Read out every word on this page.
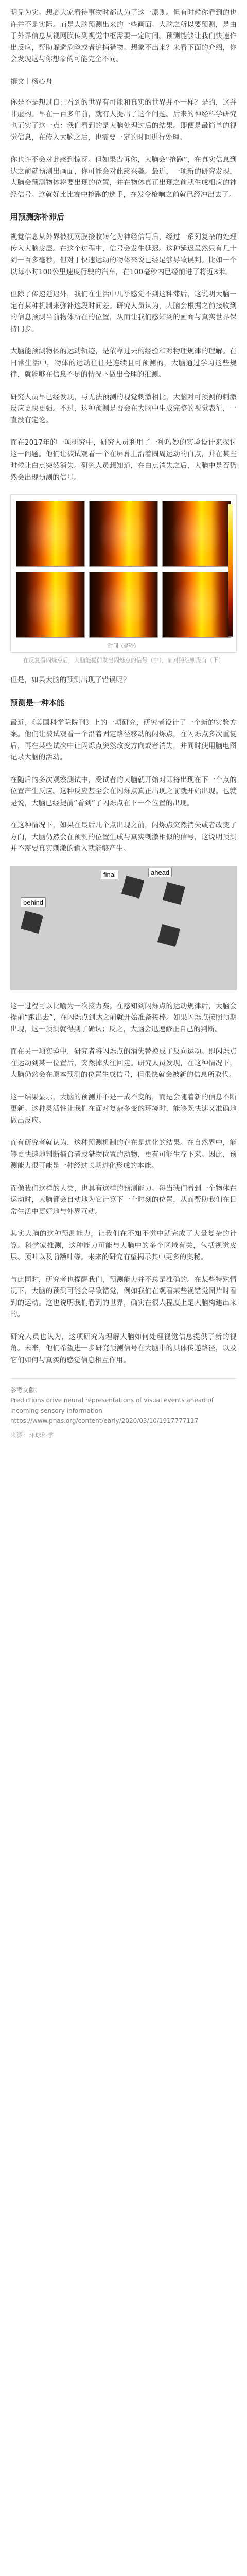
明见为实。想必大家看待事物时都认为了这一原则。但有时候你看到的也许并不是实际。而是大脑预测出来的一些画面。大脑之所以要预测，是由于外界信息从视网膜传到视觉中枢需要一定时间。预测能够让我们快速作出反应，帮助躲避危险或者追捕猎物。想象不出来？来看下面的介绍，你会发现这与你想象的可能完全不同。

撰文丨杨心舟

你是不是想过自己看到的世界有可能和真实的世界并不一样？是的，这并非虚构。早在一百多年前，就有人提出了这个问题。后来的神经科学研究也证实了这一点：我们看到的是大脑处理过后的结果。即便是最简单的视觉信息，在传入大脑之后，也需要一定的时间进行处理。

你也许不会对此感到惊讶。但如果告诉你，大脑会“抢跑”，在真实信息到达之前就预测出画面，你可能会对此感兴趣。最近，一项新的研究发现，大脑会预测物体将要出现的位置，并在物体真正出现之前就生成相应的神经信号。这就好比比赛中抢跑的选手，在发令枪响之前就已经冲出去了。

用预测弥补滞后

视觉信息从外界被视网膜接收转化为神经信号后，经过一系列复杂的处理传入大脑皮层。在这个过程中，信号会发生延迟。这种延迟虽然只有几十到一百多毫秒，但对于快速运动的物体来说已经足够导致误判。比如一个以每小时100公里速度行驶的汽车，在100毫秒内已经前进了将近3米。

但除了传递延迟外，我们在生活中几乎感觉不到这种滞后，这说明大脑一定有某种机制来弥补这段时间差。研究人员认为，大脑会根据之前接收到的信息预测当前物体所在的位置，从而让我们感知到的画面与真实世界保持同步。

大脑能预测物体的运动轨迹，是依靠过去的经验和对物理规律的理解。在日常生活中，物体的运动往往是连续且可预测的，大脑通过学习这些规律，就能够在信息不足的情况下做出合理的推测。

研究人员早已经发现，与无法预测的视觉刺激相比，大脑对可预测的刺激反应更快更强。不过，这种预测是否会在大脑中生成完整的视觉表征，一直没有定论。

而在2017年的一项研究中，研究人员利用了一种巧妙的实验设计来探讨这一问题。他们让被试观看一个在屏幕上沿着圆周运动的白点，并在某些时候让白点突然消失。研究人员想知道，在白点消失之后，大脑中是否仍然会出现预测的信号。

时间（毫秒）
在反复看闪烁点后，大脑能提前发出闪烁点的信号（中），而对照组则没有（下）

但是，如果大脑的预测出现了错误呢？

预测是一种本能

最近，《美国科学院院刊》上的一项研究，研究者设计了一个新的实验方案。他们让被试观看一个沿着固定路径移动的闪烁点，在闪烁点多次重复后，再在某些试次中让闪烁点突然改变方向或者消失，并同时使用脑电图记录大脑的活动。

在随后的多次观察测试中，受试者的大脑就开始对即将出现在下一个点的位置产生反应。这种反应甚至会在闪烁点真正出现之前就开始出现。也就是说，大脑已经提前“看到”了闪烁点在下一个位置的出现。

在这种情况下，如果在最后几个点出现之前，闪烁点突然消失或者改变了方向，大脑仍然会在预测的位置生成与真实刺激相似的信号，这说明预测并不需要真实刺激的输入就能够产生。

behind
final	ahead

这一过程可以比喻为一次接力赛。在感知到闪烁点的运动规律后，大脑会提前“跑出去”，在闪烁点到达之前就开始准备接棒。如果闪烁点按照预期出现，这一预测就得到了确认；反之，大脑会迅速修正自己的判断。

而在另一项实验中，研究者将闪烁点的消失替换成了反向运动。即闪烁点在运动到某一位置后，突然掉头往回走。研究人员发现，在这种情况下，大脑仍然会在原本预测的位置生成信号，但很快就会被新的信息所取代。

这一结果显示，大脑的预测并不是一成不变的，而是会随着新的信息不断更新。这种灵活性让我们在面对复杂多变的环境时，能够既快速又准确地做出反应。

而有研究者就认为，这种预测机制的存在是进化的结果。在自然界中，能够更快速地判断捕食者或猎物位置的动物，更有可能生存下来。因此，预测能力很可能是一种经过长期进化形成的本能。

而像我们这样的人类，也具有这样的预测能力。每当我们看到一个物体在运动时，大脑都会自动地为它计算下一个时刻的位置，从而帮助我们在日常生活中更好地与外界互动。

其实大脑的这种预测能力，让我们在不知不觉中就完成了大量复杂的计算。科学家推测，这种能力可能与大脑中的多个区域有关，包括视觉皮层、顶叶以及前额叶等。未来的研究有望揭示其中更多的奥秘。

与此同时，研究者也提醒我们，预测能力并不总是准确的。在某些特殊情况下，大脑的预测可能会导致错觉，例如我们在观看某些视错觉图片时看到的运动。这也说明我们看到的世界，确实在很大程度上是大脑构建出来的。

研究人员也认为，这项研究为理解大脑如何处理视觉信息提供了新的视角。未来，他们希望进一步研究预测信号在大脑中的具体传递路径，以及它们如何与真实的感觉信息相互作用。

参考文献：
Predictions drive neural representations of visual events ahead of incoming sensory information
https://www.pnas.org/content/early/2020/03/10/1917777117
来源：环球科学
